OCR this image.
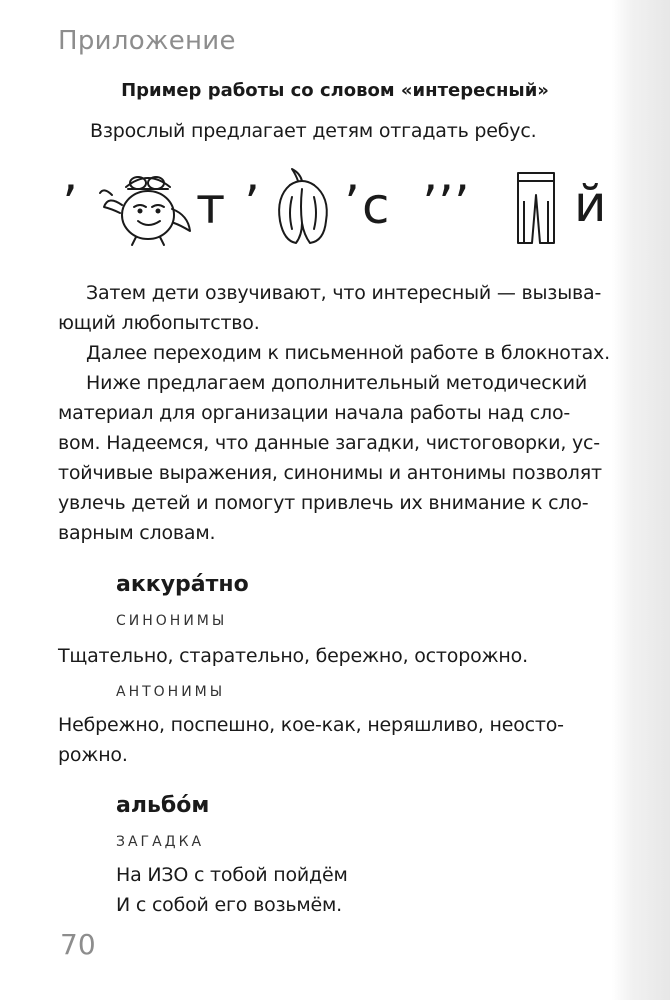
Приложение
Пример работы со словом «интересный»
Взрослый предлагает детям отгадать ребус.
’ т ’ ’ с ’’’ й
Затем дети озвучивают, что интересный — вызыва-
ющий любопытство.
Далее переходим к письменной работе в блокнотах.
Ниже предлагаем дополнительный методический
материал для организации начала работы над сло-
вом. Надеемся, что данные загадки, чистоговорки, ус-
тойчивые выражения, синонимы и антонимы позволят
увлечь детей и помогут привлечь их внимание к сло-
варным словам.
аккура́тно
СИНОНИМЫ
Тщательно, старательно, бережно, осторожно.
АНТОНИМЫ
Небрежно, поспешно, кое-как, неряшливо, неосто-
рожно.
альбо́м
ЗАГАДКА
На ИЗО с тобой пойдём
И с собой его возьмём.
70
